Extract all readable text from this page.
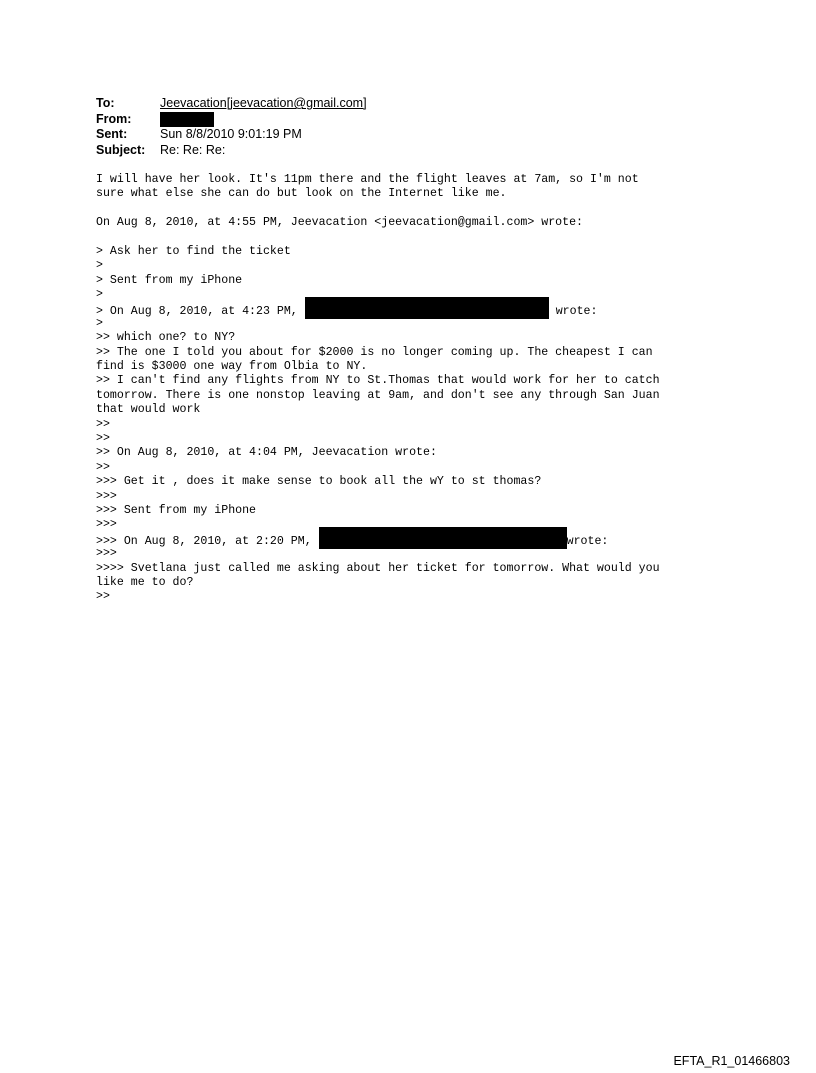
To:	Jeevacation[jeevacation@gmail.com]
From:
Sent:	Sun 8/8/2010 9:01:19 PM
Subject:	Re: Re: Re:
I will have her look. It's 11pm there and the flight leaves at 7am, so I'm not
sure what else she can do but look on the Internet like me.
On Aug 8, 2010, at 4:55 PM, Jeevacation <jeevacation@gmail.com> wrote:
> Ask her to find the ticket
>
> Sent from my iPhone
>
> On Aug 8, 2010, at 4:23 PM,	wrote:
>
>> which one? to NY?
>> The one I told you about for $2000 is no longer coming up. The cheapest I can
find is $3000 one way from Olbia to NY.
>> I can't find any flights from NY to St.Thomas that would work for her to catch
tomorrow. There is one nonstop leaving at 9am, and don't see any through San Juan
that would work
>>
>>
>> On Aug 8, 2010, at 4:04 PM, Jeevacation wrote:
>>
>>> Get it , does it make sense to book all the wY to st thomas?
>>>
>>> Sent from my iPhone
>>>
>>> On Aug 8, 2010, at 2:20 PM,	wrote:
>>>
>>>> Svetlana just called me asking about her ticket for tomorrow. What would you
like me to do?
>>
EFTA_R1_01466803
